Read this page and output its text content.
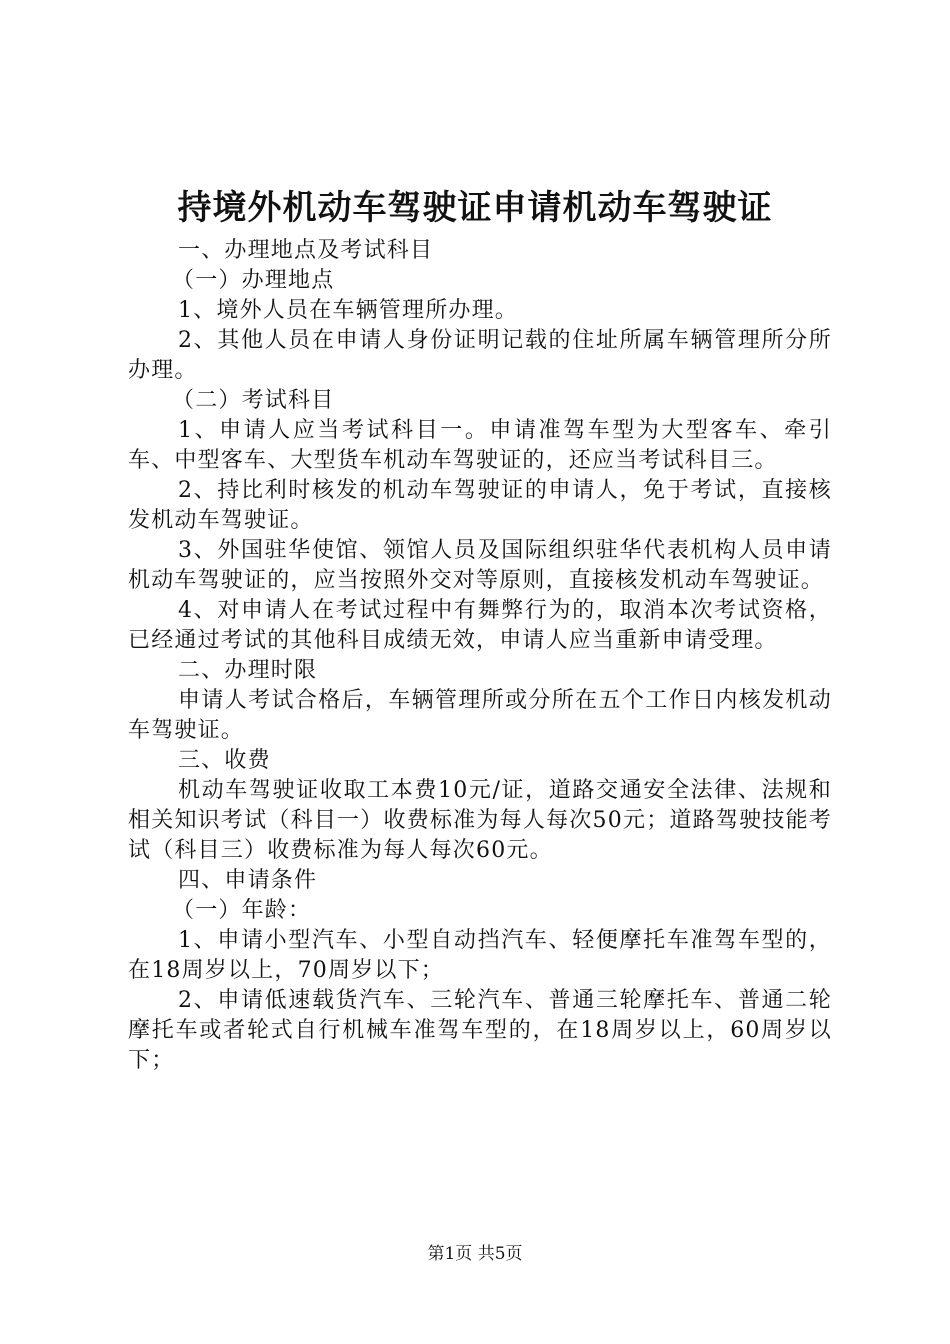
持境外机动车驾驶证申请机动车驾驶证

一、办理地点及考试科目

（一）办理地点

1、境外人员在车辆管理所办理。

2、其他人员在申请人身份证明记载的住址所属车辆管理所分所办理。

（二）考试科目

1、申请人应当考试科目一。申请准驾车型为大型客车、牵引车、中型客车、大型货车机动车驾驶证的，还应当考试科目三。

2、持比利时核发的机动车驾驶证的申请人，免于考试，直接核发机动车驾驶证。

3、外国驻华使馆、领馆人员及国际组织驻华代表机构人员申请机动车驾驶证的，应当按照外交对等原则，直接核发机动车驾驶证。

4、对申请人在考试过程中有舞弊行为的，取消本次考试资格，已经通过考试的其他科目成绩无效，申请人应当重新申请受理。

二、办理时限

申请人考试合格后，车辆管理所或分所在五个工作日内核发机动车驾驶证。

三、收费

机动车驾驶证收取工本费10元/证，道路交通安全法律、法规和相关知识考试（科目一）收费标准为每人每次50元；道路驾驶技能考试（科目三）收费标准为每人每次60元。

四、申请条件

（一）年龄：

1、申请小型汽车、小型自动挡汽车、轻便摩托车准驾车型的，在18周岁以上，70周岁以下；

2、申请低速载货汽车、三轮汽车、普通三轮摩托车、普通二轮摩托车或者轮式自行机械车准驾车型的，在18周岁以上，60周岁以下；

第1页 共5页
